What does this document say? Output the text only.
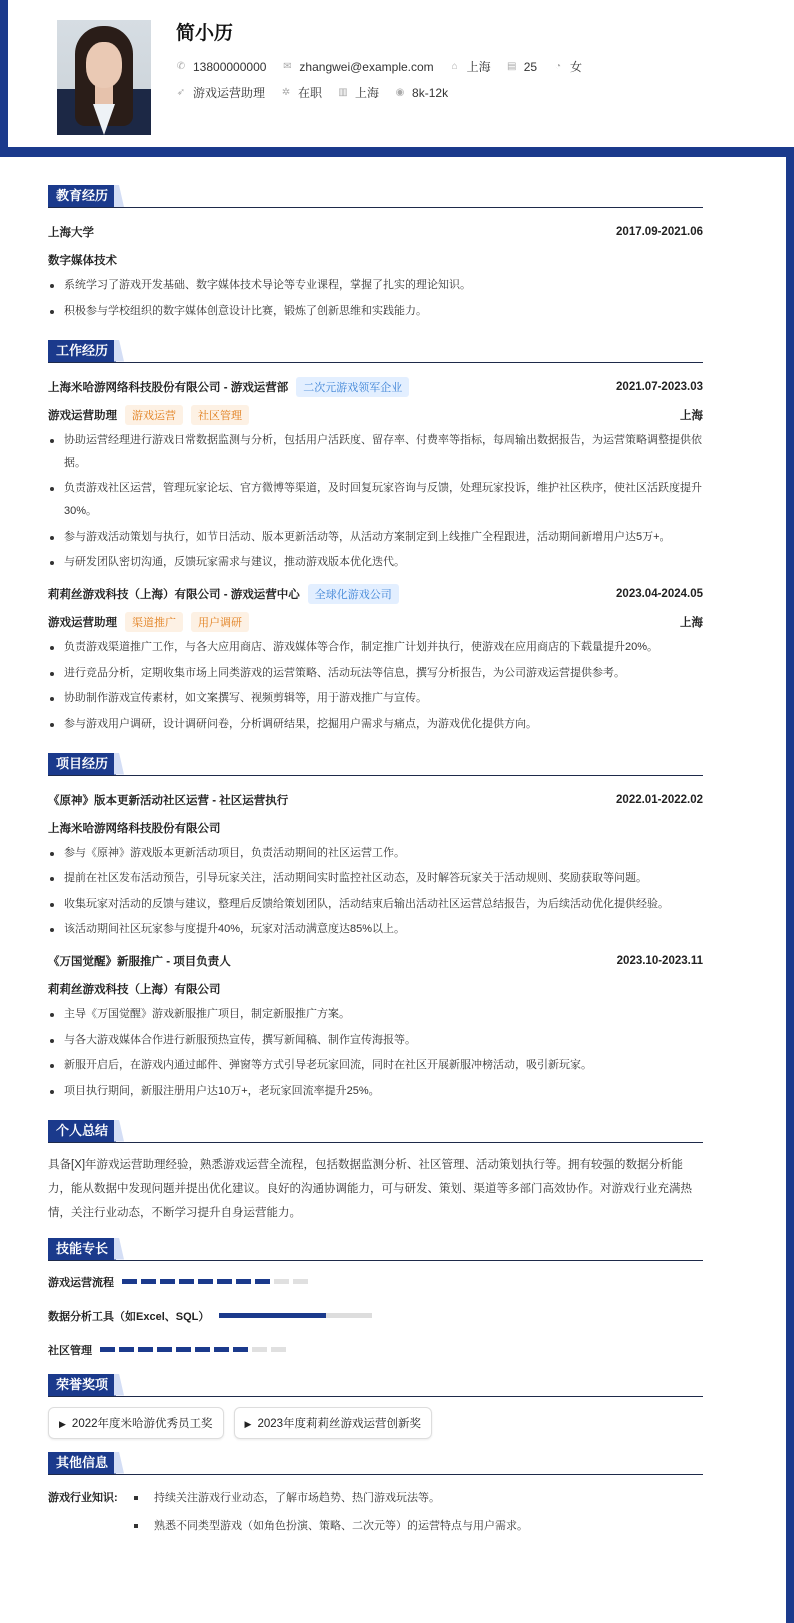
简小历
✆ 13800000000 ✉ zhangwei@example.com ⌂ 上海 ▤ 25 ◔ 女
➶ 游戏运营助理 ✲ 在职 ▥ 上海 ◉ 8k-12k
教育经历
上海大学	2017.09-2021.06
数字媒体技术
系统学习了游戏开发基础、数字媒体技术导论等专业课程，掌握了扎实的理论知识。
积极参与学校组织的数字媒体创意设计比赛，锻炼了创新思维和实践能力。
工作经历
上海米哈游网络科技股份有限公司 - 游戏运营部	二次元游戏领军企业	2021.07-2023.03
游戏运营助理	游戏运营	社区管理	上海
协助运营经理进行游戏日常数据监测与分析，包括用户活跃度、留存率、付费率等指标，每周输出数据报告，为运营策略调整提供依据。
负责游戏社区运营，管理玩家论坛、官方微博等渠道，及时回复玩家咨询与反馈，处理玩家投诉，维护社区秩序，使社区活跃度提升30%。
参与游戏活动策划与执行，如节日活动、版本更新活动等，从活动方案制定到上线推广全程跟进，活动期间新增用户达5万+。
与研发团队密切沟通，反馈玩家需求与建议，推动游戏版本优化迭代。
莉莉丝游戏科技（上海）有限公司 - 游戏运营中心	全球化游戏公司	2023.04-2024.05
游戏运营助理	渠道推广	用户调研	上海
负责游戏渠道推广工作，与各大应用商店、游戏媒体等合作，制定推广计划并执行，使游戏在应用商店的下载量提升20%。
进行竞品分析，定期收集市场上同类游戏的运营策略、活动玩法等信息，撰写分析报告，为公司游戏运营提供参考。
协助制作游戏宣传素材，如文案撰写、视频剪辑等，用于游戏推广与宣传。
参与游戏用户调研，设计调研问卷，分析调研结果，挖掘用户需求与痛点，为游戏优化提供方向。
项目经历
《原神》版本更新活动社区运营 - 社区运营执行	2022.01-2022.02
上海米哈游网络科技股份有限公司
参与《原神》游戏版本更新活动项目，负责活动期间的社区运营工作。
提前在社区发布活动预告，引导玩家关注，活动期间实时监控社区动态，及时解答玩家关于活动规则、奖励获取等问题。
收集玩家对活动的反馈与建议，整理后反馈给策划团队，活动结束后输出活动社区运营总结报告，为后续活动优化提供经验。
该活动期间社区玩家参与度提升40%，玩家对活动满意度达85%以上。
《万国觉醒》新服推广 - 项目负责人	2023.10-2023.11
莉莉丝游戏科技（上海）有限公司
主导《万国觉醒》游戏新服推广项目，制定新服推广方案。
与各大游戏媒体合作进行新服预热宣传，撰写新闻稿、制作宣传海报等。
新服开启后，在游戏内通过邮件、弹窗等方式引导老玩家回流，同时在社区开展新服冲榜活动，吸引新玩家。
项目执行期间，新服注册用户达10万+，老玩家回流率提升25%。
个人总结
具备[X]年游戏运营助理经验，熟悉游戏运营全流程，包括数据监测分析、社区管理、活动策划执行等。拥有较强的数据分析能力，能从数据中发现问题并提出优化建议。良好的沟通协调能力，可与研发、策划、渠道等多部门高效协作。对游戏行业充满热情，关注行业动态，不断学习提升自身运营能力。
技能专长
游戏运营流程
数据分析工具（如Excel、SQL）
社区管理
荣誉奖项
▶ 2022年度米哈游优秀员工奖	▶ 2023年度莉莉丝游戏运营创新奖
其他信息
游戏行业知识:	持续关注游戏行业动态，了解市场趋势、热门游戏玩法等。
熟悉不同类型游戏（如角色扮演、策略、二次元等）的运营特点与用户需求。
